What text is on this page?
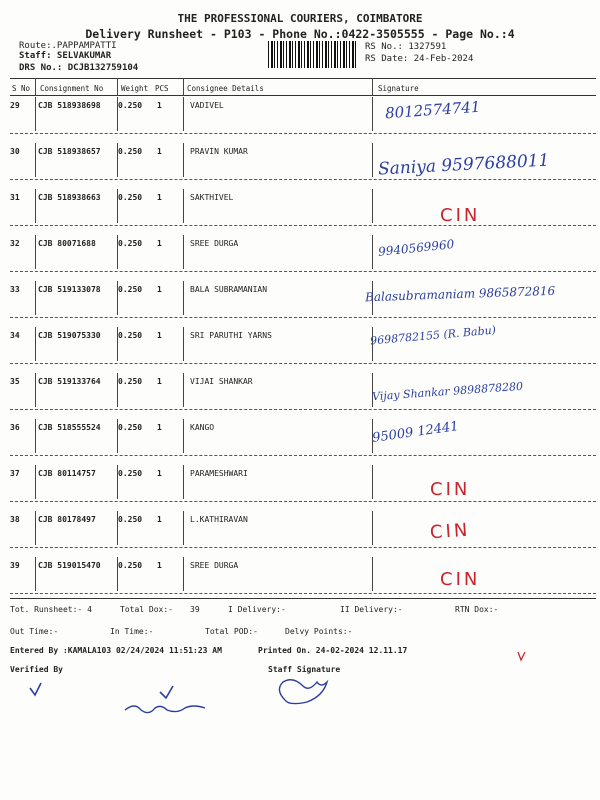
THE PROFESSIONAL COURIERS, COIMBATORE
Delivery Runsheet - P103 - Phone No.:0422-3505555 - Page No.:4
Route:.PAPPAMPATTI
Staff: SELVAKUMAR
DRS No.: DCJB132759104
RS No.: 1327591
RS Date: 24-Feb-2024
S No Consignment No Weight PCS Consignee Details	Signature
29 CJB 518938698 0.250 1	VADIVEL	8012574741
30 CJB 518938657 0.250 1	PRAVIN KUMAR	Saniya 9597688011
31 CJB 518938663 0.250 1	SAKTHIVEL
CIN
32 CJB 80071688	0.250 1	SREE DURGA	9940569960
33 CJB 519133078 0.250 1	BALA SUBRAMANIAN	Balasubramaniam 9865872816
34 CJB 519075330 0.250 1	SRI PARUTHI YARNS	9698782155 (R. Babu)
35 CJB 519133764 0.250 1	VIJAI SHANKAR	Vijay Shankar 9898878280
36 CJB 518555524 0.250 1	KANGO	95009 12441
37 CJB 80114757	0.250 1	PARAMESHWARI
CIN
38 CJB 80178497	0.250 1	L.KATHIRAVAN
CIN
39 CJB 519015470 0.250 1	SREE DURGA
CIN
Tot. Runsheet:- 4	Total Dox:- 39	I Delivery:-	II Delivery:-	RTN Dox:-
Out Time:-	In Time:-	Total POD:-	Delvy Points:-
Entered By :KAMALA103 02/24/2024 11:51:23 AM	Printed On. 24-02-2024 12.11.17
Verified By	Staff Signature
